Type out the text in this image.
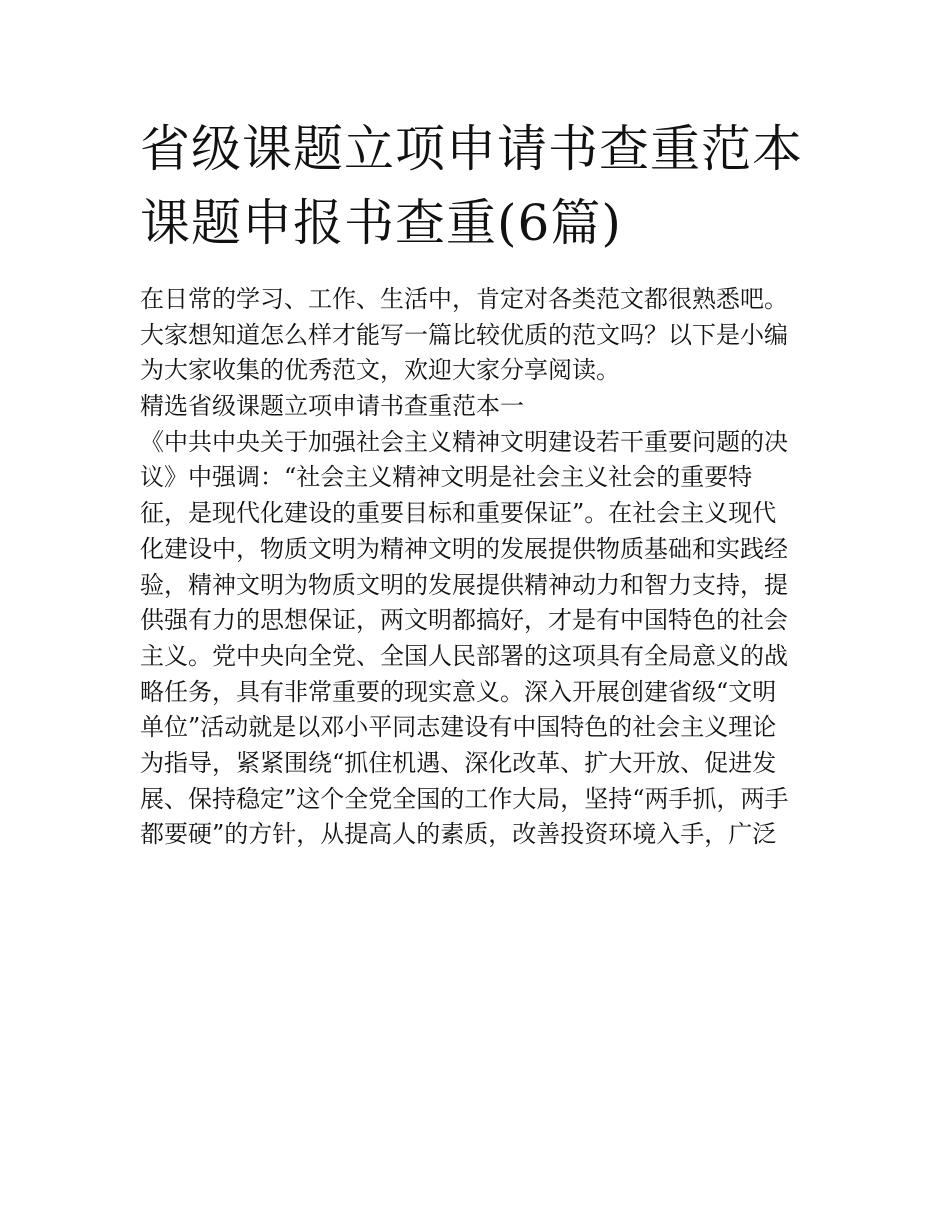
省级课题立项申请书查重范本
课题申报书查重(6篇)

在日常的学习、工作、生活中，肯定对各类范文都很熟悉吧。
大家想知道怎么样才能写一篇比较优质的范文吗？以下是小编
为大家收集的优秀范文，欢迎大家分享阅读。

精选省级课题立项申请书查重范本一

《中共中央关于加强社会主义精神文明建设若干重要问题的决
议》中强调：“社会主义精神文明是社会主义社会的重要特
征，是现代化建设的重要目标和重要保证”。在社会主义现代
化建设中，物质文明为精神文明的发展提供物质基础和实践经
验，精神文明为物质文明的发展提供精神动力和智力支持，提
供强有力的思想保证，两文明都搞好，才是有中国特色的社会
主义。党中央向全党、全国人民部署的这项具有全局意义的战
略任务，具有非常重要的现实意义。深入开展创建省级“文明
单位”活动就是以邓小平同志建设有中国特色的社会主义理论
为指导，紧紧围绕“抓住机遇、深化改革、扩大开放、促进发
展、保持稳定”这个全党全国的工作大局，坚持“两手抓，两手
都要硬”的方针，从提高人的素质，改善投资环境入手，广泛
